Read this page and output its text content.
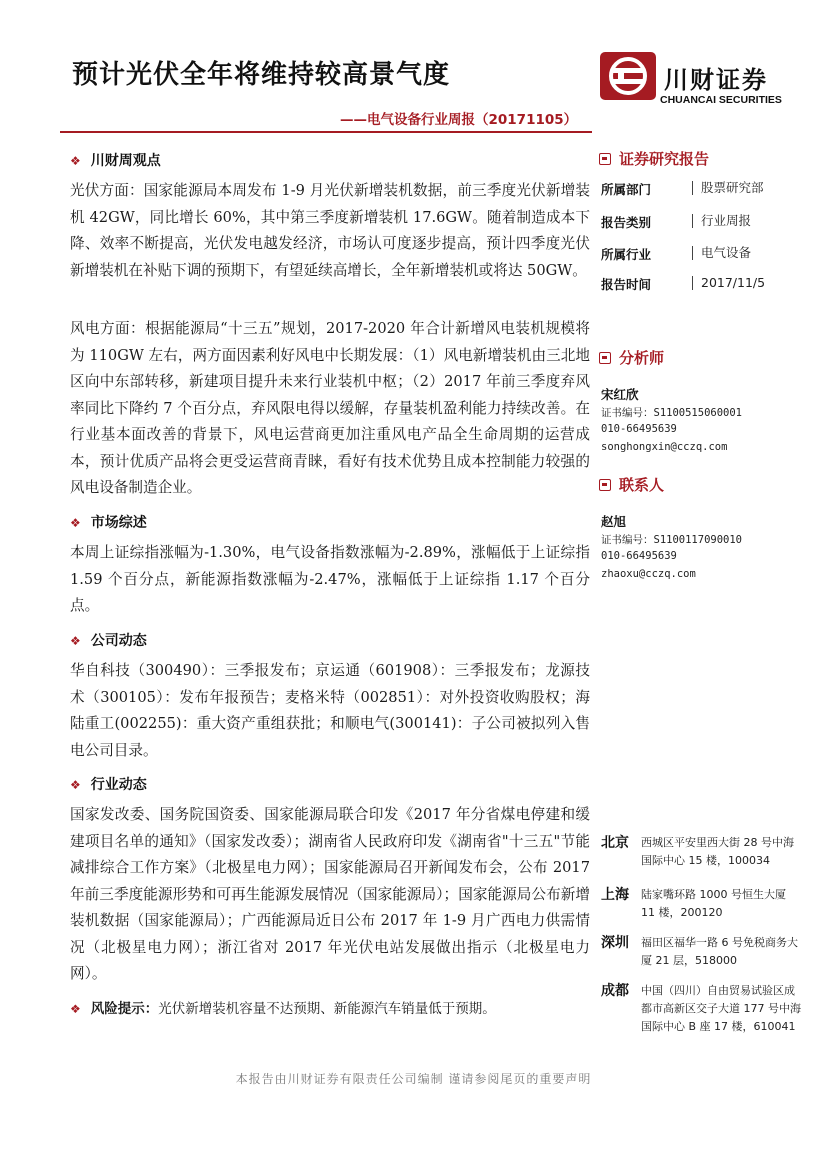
预计光伏全年将维持较高景气度
——电气设备行业周报（20171105）
川财证券
CHUANCAI SECURITIES
❖ 川财周观点
光伏方面：国家能源局本周发布 1-9 月光伏新增装机数据，前三季度光伏新增装机 42GW，同比增长 60%，其中第三季度新增装机 17.6GW。随着制造成本下降、效率不断提高，光伏发电越发经济，市场认可度逐步提高，预计四季度光伏新增装机在补贴下调的预期下，有望延续高增长，全年新增装机或将达 50GW。
风电方面：根据能源局“十三五”规划，2017-2020 年合计新增风电装机规模将为 110GW 左右，两方面因素利好风电中长期发展：（1）风电新增装机由三北地区向中东部转移，新建项目提升未来行业装机中枢；（2）2017 年前三季度弃风率同比下降约 7 个百分点，弃风限电得以缓解，存量装机盈利能力持续改善。在行业基本面改善的背景下，风电运营商更加注重风电产品全生命周期的运营成本，预计优质产品将会更受运营商青睐，看好有技术优势且成本控制能力较强的风电设备制造企业。
❖ 市场综述
本周上证综指涨幅为-1.30%，电气设备指数涨幅为-2.89%，涨幅低于上证综指 1.59 个百分点，新能源指数涨幅为-2.47%，涨幅低于上证综指 1.17 个百分点。
❖ 公司动态
华自科技（300490）：三季报发布；京运通（601908）：三季报发布；龙源技术（300105）：发布年报预告；麦格米特（002851）：对外投资收购股权；海陆重工(002255)：重大资产重组获批；和顺电气(300141)：子公司被拟列入售电公司目录。
❖ 行业动态
国家发改委、国务院国资委、国家能源局联合印发《2017 年分省煤电停建和缓建项目名单的通知》（国家发改委）；湖南省人民政府印发《湖南省"十三五"节能减排综合工作方案》（北极星电力网）；国家能源局召开新闻发布会，公布 2017 年前三季度能源形势和可再生能源发展情况（国家能源局）；国家能源局公布新增装机数据（国家能源局）；广西能源局近日公布 2017 年 1-9 月广西电力供需情况（北极星电力网）；浙江省对 2017 年光伏电站发展做出指示（北极星电力网）。
❖ 风险提示：光伏新增装机容量不达预期、新能源汽车销量低于预期。
证券研究报告
所属部门	股票研究部
报告类别	行业周报
所属行业	电气设备
报告时间	2017/11/5
分析师
宋红欣
证书编号：S1100515060001
010-66495639
songhongxin@cczq.com
联系人
赵旭
证书编号：S1100117090010
010-66495639
zhaoxu@cczq.com
北京 西城区平安里西大街 28 号中海国际中心 15 楼，100034
上海 陆家嘴环路 1000 号恒生大厦 11 楼，200120
深圳 福田区福华一路 6 号免税商务大厦 21 层，518000
成都 中国（四川）自由贸易试验区成都市高新区交子大道 177 号中海国际中心 B 座 17 楼，610041
本报告由川财证券有限责任公司编制 谨请参阅尾页的重要声明
